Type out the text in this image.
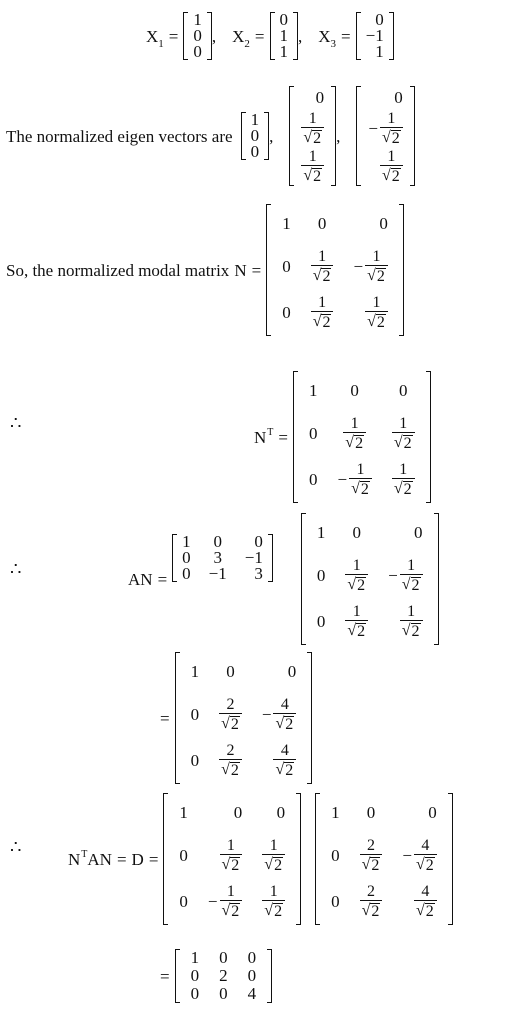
$X_1$ =
1
0
0
, $X_2$ =
0
1
1
, $X_3$ =
0
−1
1
The normalized eigen vectors are
1
0
0
,
0

$\frac{1}{√ 2}$

$\frac{1}{√ 2}$
,
0

− $\frac{1}{√ 2}$

$\frac{1}{√ 2}$
So, the normalized modal matrix N =
1	0	0
0	$\frac{1}{√ 2}$	− $\frac{1}{√ 2}$

0	$\frac{1}{√ 2}$	$\frac{1}{√ 2}$
∴
$N^T$ =
1	0	0
0	$\frac{1}{√ 2}$	$\frac{1}{√ 2}$

0	− $\frac{1}{√ 2}$	$\frac{1}{√ 2}$
∴	AN =
1	0	0
0	3	−1
0	−1	3
1	0	0
0	$\frac{1}{√ 2}$	− $\frac{1}{√ 2}$

0	$\frac{1}{√ 2}$	$\frac{1}{√ 2}$
=
1	0	0
0	$\frac{2}{√ 2}$	− $\frac{4}{√ 2}$

0	$\frac{2}{√ 2}$	$\frac{4}{√ 2}$
∴
$N^TAN = D$ =
1	0	0
0	$\frac{1}{√ 2}$	$\frac{1}{√ 2}$

0	− $\frac{1}{√ 2}$	$\frac{1}{√ 2}$
1	0	0
0	$\frac{2}{√ 2}$	− $\frac{4}{√ 2}$

0	$\frac{2}{√ 2}$	$\frac{4}{√ 2}$
=
1	0	0
0	2	0
0	0	4
